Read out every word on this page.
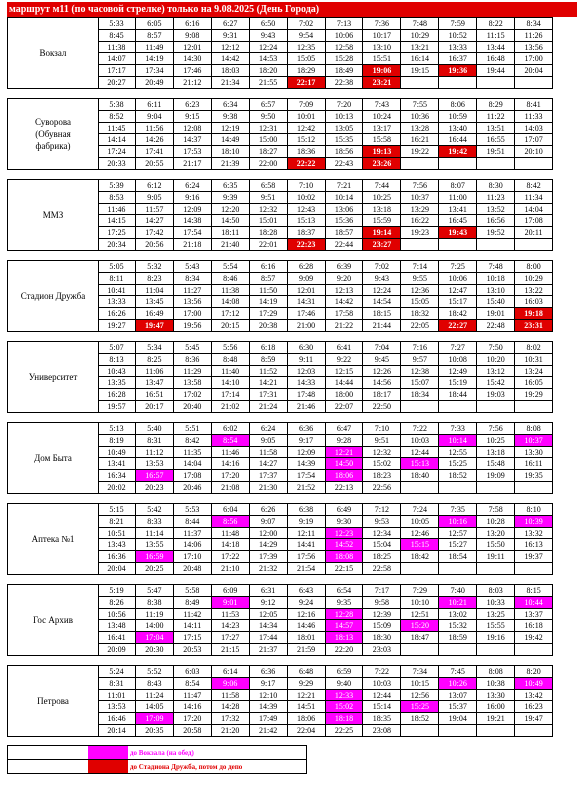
маршрут м11 (по часовой стрелке) только на 9.08.2025 (День Города)
Вокзал
5:33	6:05	6:16	6:27	6:50	7:02	7:13	7:36	7:48	7:59	8:22	8:34
8:45	8:57	9:08	9:31	9:43	9:54	10:06	10:17	10:29	10:52	11:15	11:26
11:38	11:49	12:01	12:12	12:24	12:35	12:58	13:10	13:21	13:33	13:44	13:56
14:07	14:19	14:30	14:42	14:53	15:05	15:28	15:51	16:14	16:37	16:48	17:00
17:17	17:34	17:46	18:03	18:20	18:29	18:49	19:06	19:15	19:36	19:44	20:04
20:27	20:49	21:12	21:34	21:55	22:17	22:38	23:21
Суворова
(Обувная
фабрика)
5:38	6:11	6:23	6:34	6:57	7:09	7:20	7:43	7:55	8:06	8:29	8:41
8:52	9:04	9:15	9:38	9:50	10:01	10:13	10:24	10:36	10:59	11:22	11:33
11:45	11:56	12:08	12:19	12:31	12:42	13:05	13:17	13:28	13:40	13:51	14:03
14:14	14:26	14:37	14:49	15:00	15:12	15:35	15:58	16:21	16:44	16:55	17:07
17:24	17:41	17:53	18:10	18:27	18:36	18:56	19:13	19:22	19:42	19:51	20:10
20:33	20:55	21:17	21:39	22:00	22:22	22:43	23:26
ММЗ
5:39	6:12	6:24	6:35	6:58	7:10	7:21	7:44	7:56	8:07	8:30	8:42
8:53	9:05	9:16	9:39	9:51	10:02	10:14	10:25	10:37	11:00	11:23	11:34
11:46	11:57	12:09	12:20	12:32	12:43	13:06	13:18	13:29	13:41	13:52	14:04
14:15	14:27	14:38	14:50	15:01	15:13	15:36	15:59	16:22	16:45	16:56	17:08
17:25	17:42	17:54	18:11	18:28	18:37	18:57	19:14	19:23	19:43	19:52	20:11
20:34	20:56	21:18	21:40	22:01	22:23	22:44	23:27
Стадион Дружба
5:05	5:32	5:43	5:54	6:16	6:28	6:39	7:02	7:14	7:25	7:48	8:00
8:11	8:23	8:34	8:46	8:57	9:09	9:20	9:43	9:55	10:06	10:18	10:29
10:41	11:04	11:27	11:38	11:50	12:01	12:13	12:24	12:36	12:47	13:10	13:22
13:33	13:45	13:56	14:08	14:19	14:31	14:42	14:54	15:05	15:17	15:40	16:03
16:26	16:49	17:00	17:12	17:29	17:46	17:58	18:15	18:32	18:42	19:01	19:18
19:27	19:47	19:56	20:15	20:38	21:00	21:22	21:44	22:05	22:27	22:48	23:31
Университет
5:07	5:34	5:45	5:56	6:18	6:30	6:41	7:04	7:16	7:27	7:50	8:02
8:13	8:25	8:36	8:48	8:59	9:11	9:22	9:45	9:57	10:08	10:20	10:31
10:43	11:06	11:29	11:40	11:52	12:03	12:15	12:26	12:38	12:49	13:12	13:24
13:35	13:47	13:58	14:10	14:21	14:33	14:44	14:56	15:07	15:19	15:42	16:05
16:28	16:51	17:02	17:14	17:31	17:48	18:00	18:17	18:34	18:44	19:03	19:29
19:57	20:17	20:40	21:02	21:24	21:46	22:07	22:50
Дом Быта
5:13	5:40	5:51	6:02	6:24	6:36	6:47	7:10	7:22	7:33	7:56	8:08
8:19	8:31	8:42	8:54	9:05	9:17	9:28	9:51	10:03	10:14	10:25	10:37
10:49	11:12	11:35	11:46	11:58	12:09	12:21	12:32	12:44	12:55	13:18	13:30
13:41	13:53	14:04	14:16	14:27	14:39	14:50	15:02	15:13	15:25	15:48	16:11
16:34	16:57	17:08	17:20	17:37	17:54	18:06	18:23	18:40	18:52	19:09	19:35
20:02	20:23	20:46	21:08	21:30	21:52	22:13	22:56
Аптека №1
5:15	5:42	5:53	6:04	6:26	6:38	6:49	7:12	7:24	7:35	7:58	8:10
8:21	8:33	8:44	8:56	9:07	9:19	9:30	9:53	10:05	10:16	10:28	10:39
10:51	11:14	11:37	11:48	12:00	12:11	12:23	12:34	12:46	12:57	13:20	13:32
13:43	13:55	14:06	14:18	14:29	14:41	14:52	15:04	15:15	15:27	15:50	16:13
16:36	16:59	17:10	17:22	17:39	17:56	18:08	18:25	18:42	18:54	19:11	19:37
20:04	20:25	20:48	21:10	21:32	21:54	22:15	22:58
Гос Архив
5:19	5:47	5:58	6:09	6:31	6:43	6:54	7:17	7:29	7:40	8:03	8:15
8:26	8:38	8:49	9:01	9:12	9:24	9:35	9:58	10:10	10:21	10:33	10:44
10:56	11:19	11:42	11:53	12:05	12:16	12:28	12:39	12:51	13:02	13:25	13:37
13:48	14:00	14:11	14:23	14:34	14:46	14:57	15:09	15:20	15:32	15:55	16:18
16:41	17:04	17:15	17:27	17:44	18:01	18:13	18:30	18:47	18:59	19:16	19:42
20:09	20:30	20:53	21:15	21:37	21:59	22:20	23:03
Петрова
5:24	5:52	6:03	6:14	6:36	6:48	6:59	7:22	7:34	7:45	8:08	8:20
8:31	8:43	8:54	9:06	9:17	9:29	9:40	10:03	10:15	10:26	10:38	10:49
11:01	11:24	11:47	11:58	12:10	12:21	12:33	12:44	12:56	13:07	13:30	13:42
13:53	14:05	14:16	14:28	14:39	14:51	15:02	15:14	15:25	15:37	16:00	16:23
16:46	17:09	17:20	17:32	17:49	18:06	18:18	18:35	18:52	19:04	19:21	19:47
20:14	20:35	20:58	21:20	21:42	22:04	22:25	23:08
до Вокзала (на обед)
до Стадиона Дружба, потом до депо
